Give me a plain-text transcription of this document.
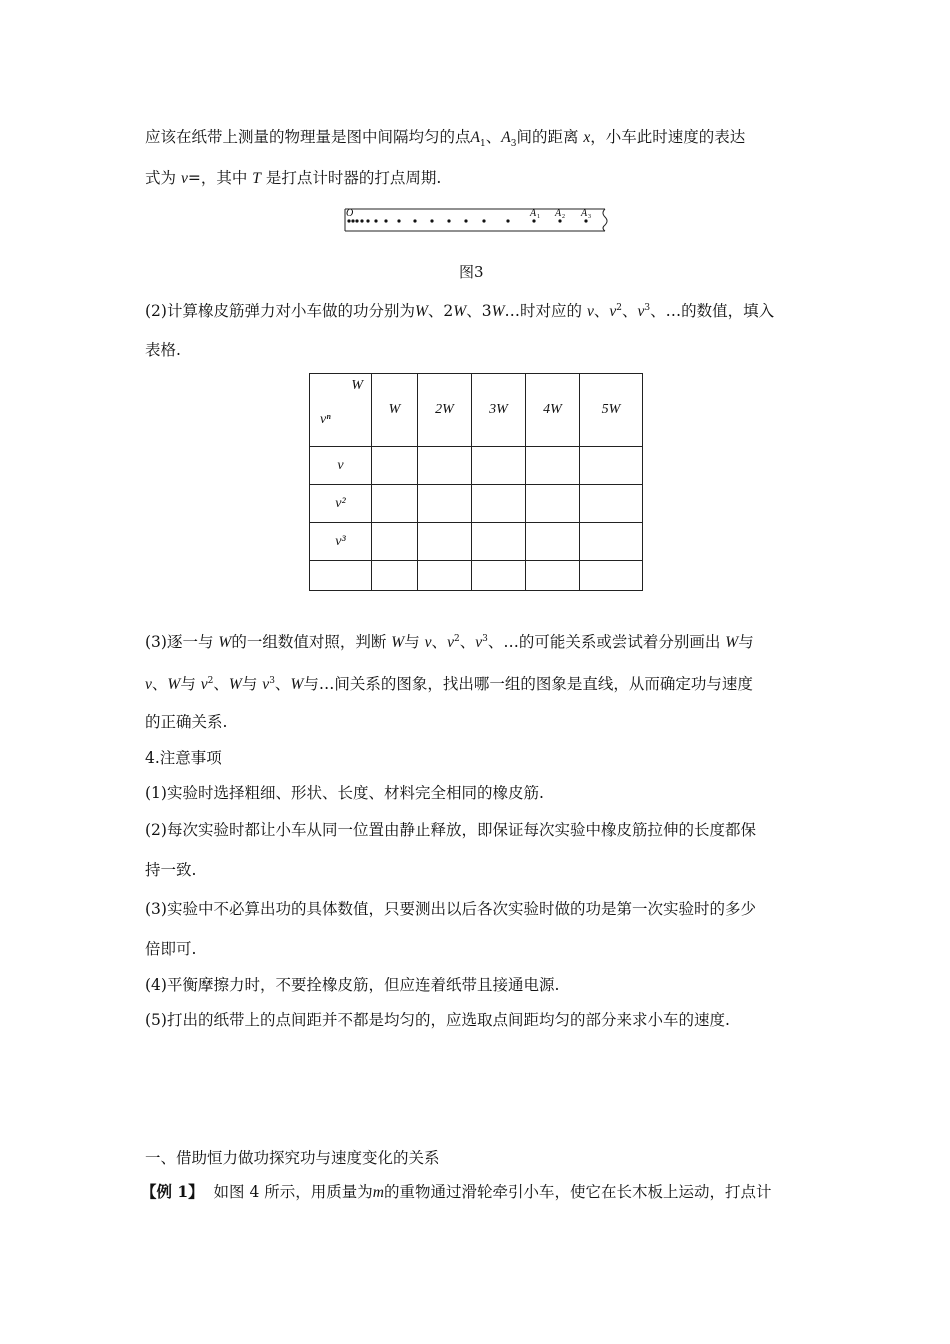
应该在纸带上测量的物理量是图中间隔均匀的点$A_1$、$A_3$间的距离 x，小车此时速度的表达
式为 v=，其中 T 是打点计时器的打点周期.
O	A 1 A 2 A 3
图3
(2)计算橡皮筋弹力对小车做的功分别为W、2W、3W…时对应的 v、$v^2$、$v^3$、…的数值，填入
表格.
W
vⁿ	W	2W	3W	4W	5W
v					
v²					
v³					

(3)逐一与 W的一组数值对照，判断 W与 v、$v^2$、$v^3$、…的可能关系或尝试着分别画出 W与
v、W与 $v^2$、W与 $v^3$、W与…间关系的图象，找出哪一组的图象是直线，从而确定功与速度
的正确关系.
4.注意事项
(1)实验时选择粗细、形状、长度、材料完全相同的橡皮筋.
(2)每次实验时都让小车从同一位置由静止释放，即保证每次实验中橡皮筋拉伸的长度都保
持一致.
(3)实验中不必算出功的具体数值，只要测出以后各次实验时做的功是第一次实验时的多少
倍即可.
(4)平衡摩擦力时，不要拴橡皮筋，但应连着纸带且接通电源.
(5)打出的纸带上的点间距并不都是均匀的，应选取点间距均匀的部分来求小车的速度.
一、借助恒力做功探究功与速度变化的关系
【例 1】  如图 4 所示，用质量为m的重物通过滑轮牵引小车，使它在长木板上运动，打点计
